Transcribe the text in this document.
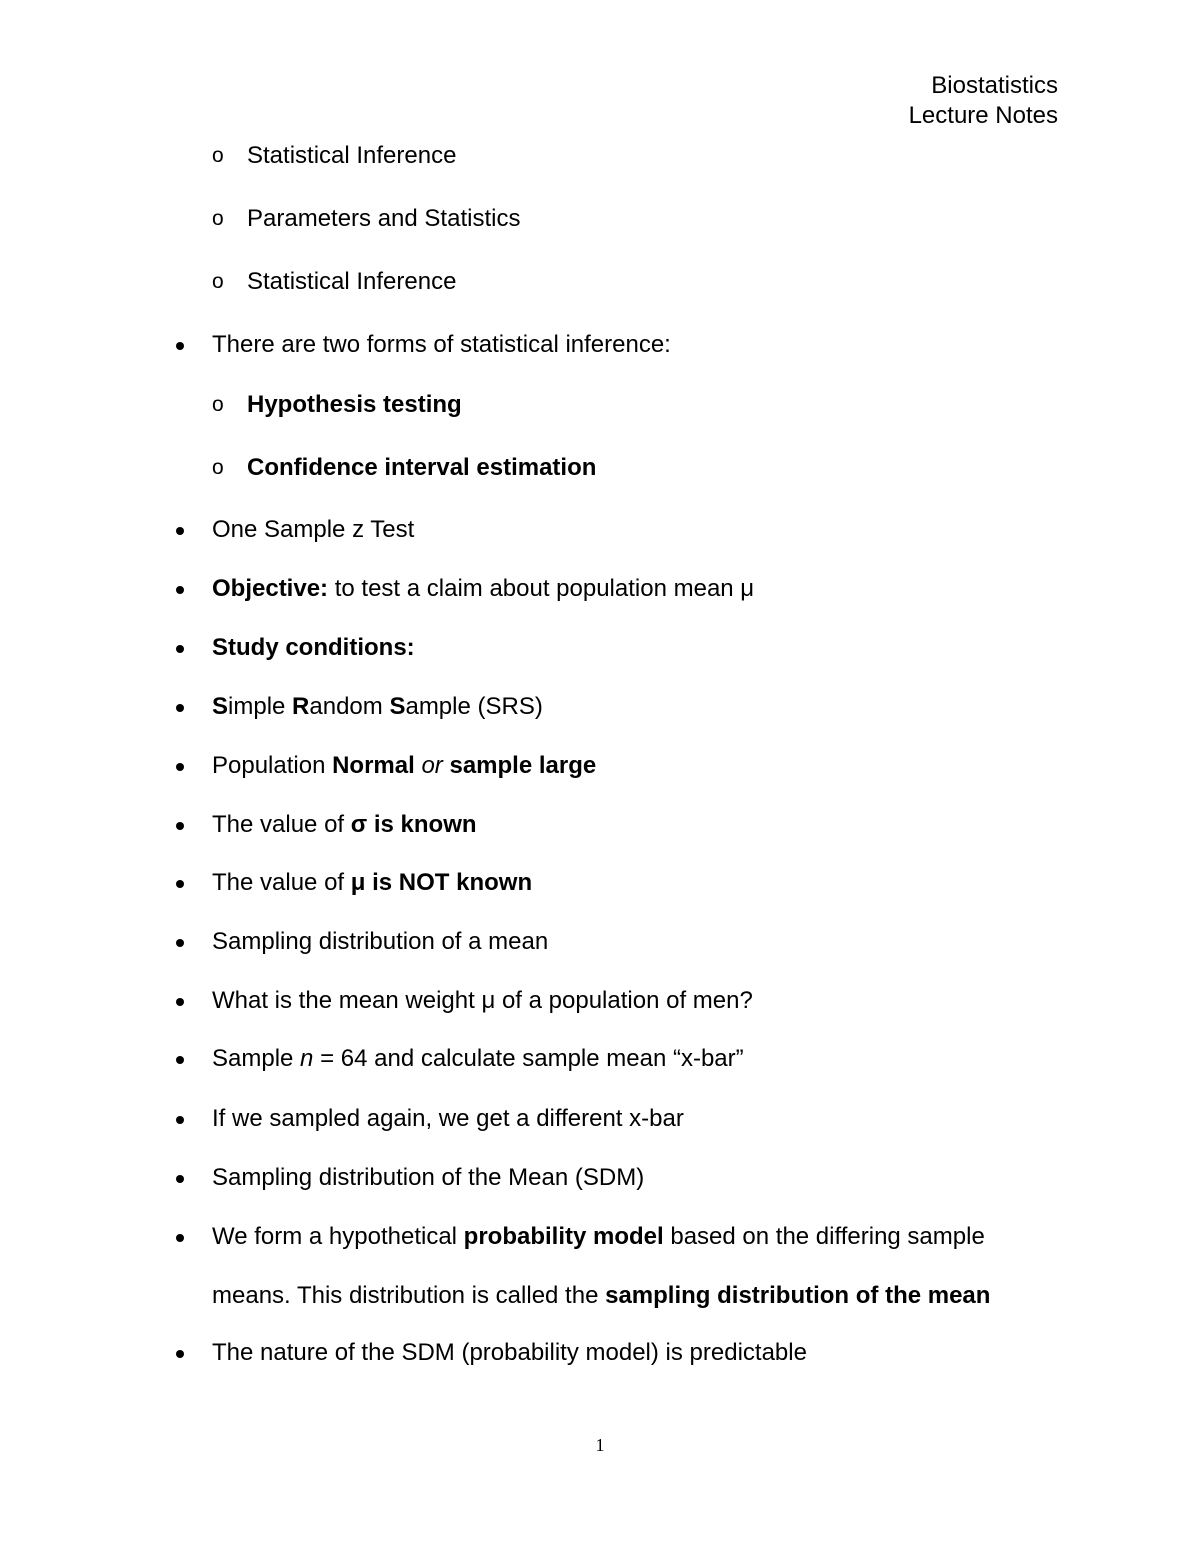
Biostatistics
Lecture Notes
o Statistical Inference
o Parameters and Statistics
o Statistical Inference
There are two forms of statistical inference:
o Hypothesis testing
o Confidence interval estimation
One Sample z Test
Objective: to test a claim about population mean μ
Study conditions:
Simple Random Sample (SRS)
Population Normal or sample large
The value of σ is known
The value of μ is NOT known
Sampling distribution of a mean
What is the mean weight μ of a population of men?
Sample n = 64 and calculate sample mean “x-bar”
If we sampled again, we get a different x-bar
Sampling distribution of the Mean (SDM)
We form a hypothetical probability model based on the differing sample
means. This distribution is called the sampling distribution of the mean
The nature of the SDM (probability model) is predictable
1
